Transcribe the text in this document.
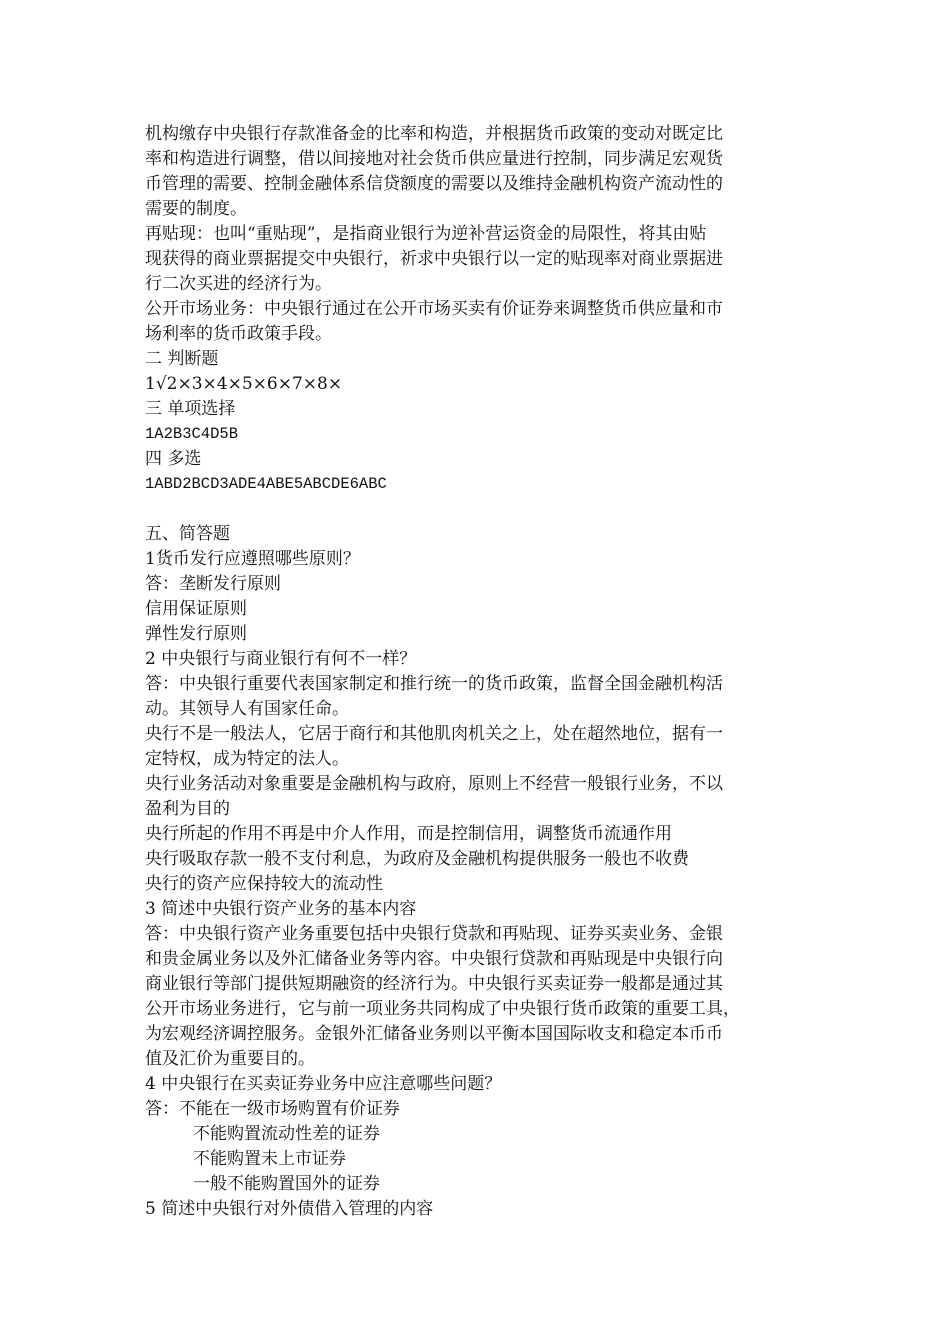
机构缴存中央银行存款准备金的比率和构造，并根据货币政策的变动对既定比
率和构造进行调整，借以间接地对社会货币供应量进行控制，同步满足宏观货
币管理的需要、控制金融体系信贷额度的需要以及维持金融机构资产流动性的
需要的制度。
再贴现：也叫“重贴现”，是指商业银行为逆补营运资金的局限性，将其由贴
现获得的商业票据提交中央银行，祈求中央银行以一定的贴现率对商业票据进
行二次买进的经济行为。
公开市场业务：中央银行通过在公开市场买卖有价证券来调整货币供应量和市
场利率的货币政策手段。
二 判断题
1√2×3×4×5×6×7×8×
三 单项选择
1A2B3C4D5B
四 多选
1ABD2BCD3ADE4ABE5ABCDE6ABC
五、简答题
1货币发行应遵照哪些原则？
答：垄断发行原则
信用保证原则
弹性发行原则
2 中央银行与商业银行有何不一样？
答：中央银行重要代表国家制定和推行统一的货币政策，监督全国金融机构活
动。其领导人有国家任命。
央行不是一般法人，它居于商行和其他肌肉机关之上，处在超然地位，据有一
定特权，成为特定的法人。
央行业务活动对象重要是金融机构与政府，原则上不经营一般银行业务，不以
盈利为目的
央行所起的作用不再是中介人作用，而是控制信用，调整货币流通作用
央行吸取存款一般不支付利息，为政府及金融机构提供服务一般也不收费
央行的资产应保持较大的流动性
3 简述中央银行资产业务的基本内容
答：中央银行资产业务重要包括中央银行贷款和再贴现、证券买卖业务、金银
和贵金属业务以及外汇储备业务等内容。中央银行贷款和再贴现是中央银行向
商业银行等部门提供短期融资的经济行为。中央银行买卖证券一般都是通过其
公开市场业务进行，它与前一项业务共同构成了中央银行货币政策的重要工具，
为宏观经济调控服务。金银外汇储备业务则以平衡本国国际收支和稳定本币币
值及汇价为重要目的。
4 中央银行在买卖证券业务中应注意哪些问题？
答：不能在一级市场购置有价证券
不能购置流动性差的证券
不能购置未上市证券
一般不能购置国外的证券
5 简述中央银行对外债借入管理的内容
